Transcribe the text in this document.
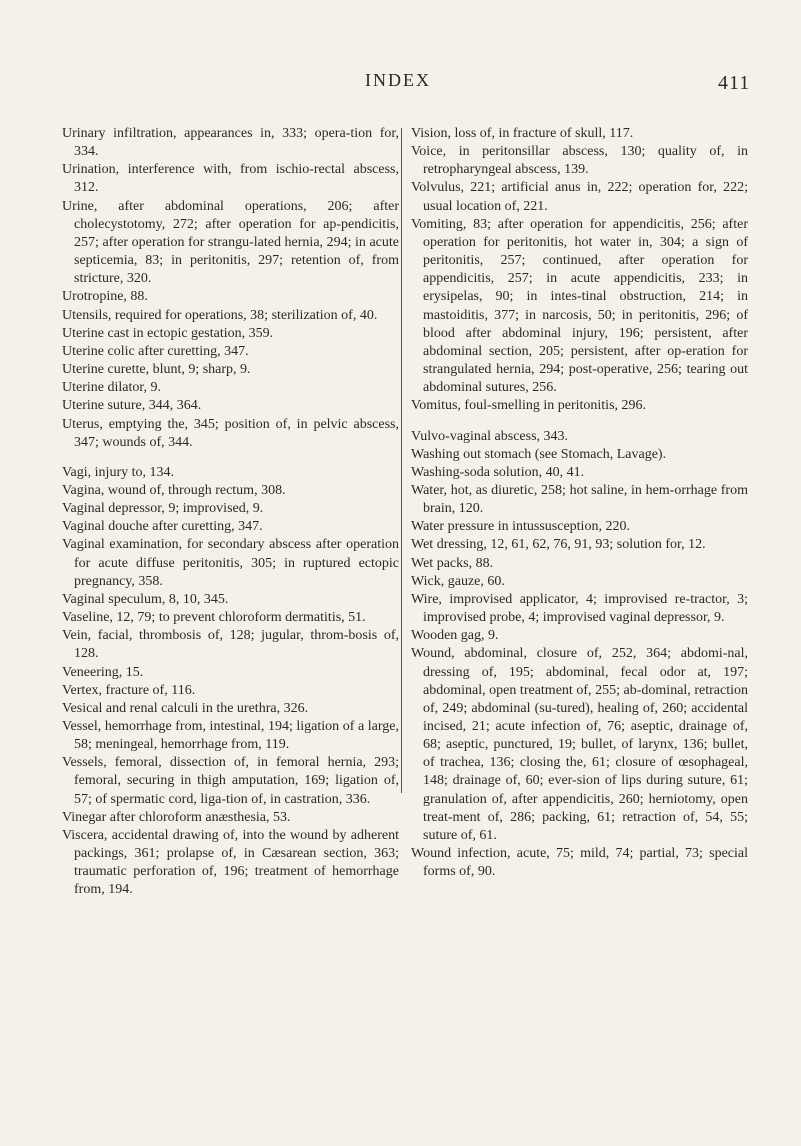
INDEX	411

Urinary infiltration, appearances in, 333; opera-tion for, 334.

Urination, interference with, from ischio-rectal abscess, 312.

Urine, after abdominal operations, 206; after cholecystotomy, 272; after operation for ap-pendicitis, 257; after operation for strangu-lated hernia, 294; in acute septicemia, 83; in peritonitis, 297; retention of, from stricture, 320.

Urotropine, 88.

Utensils, required for operations, 38; sterilization of, 40.

Uterine cast in ectopic gestation, 359.

Uterine colic after curetting, 347.

Uterine curette, blunt, 9; sharp, 9.

Uterine dilator, 9.

Uterine suture, 344, 364.

Uterus, emptying the, 345; position of, in pelvic abscess, 347; wounds of, 344.

Vagi, injury to, 134.

Vagina, wound of, through rectum, 308.

Vaginal depressor, 9; improvised, 9.

Vaginal douche after curetting, 347.

Vaginal examination, for secondary abscess after operation for acute diffuse peritonitis, 305; in ruptured ectopic pregnancy, 358.

Vaginal speculum, 8, 10, 345.

Vaseline, 12, 79; to prevent chloroform dermatitis, 51.

Vein, facial, thrombosis of, 128; jugular, throm-bosis of, 128.

Veneering, 15.

Vertex, fracture of, 116.

Vesical and renal calculi in the urethra, 326.

Vessel, hemorrhage from, intestinal, 194; ligation of a large, 58; meningeal, hemorrhage from, 119.

Vessels, femoral, dissection of, in femoral hernia, 293; femoral, securing in thigh amputation, 169; ligation of, 57; of spermatic cord, liga-tion of, in castration, 336.

Vinegar after chloroform anæsthesia, 53.

Viscera, accidental drawing of, into the wound by adherent packings, 361; prolapse of, in Cæsarean section, 363; traumatic perforation of, 196; treatment of hemorrhage from, 194.

Vision, loss of, in fracture of skull, 117.

Voice, in peritonsillar abscess, 130; quality of, in retropharyngeal abscess, 139.

Volvulus, 221; artificial anus in, 222; operation for, 222; usual location of, 221.

Vomiting, 83; after operation for appendicitis, 256; after operation for peritonitis, hot water in, 304; a sign of peritonitis, 257; continued, after operation for appendicitis, 257; in acute appendicitis, 233; in erysipelas, 90; in intes-tinal obstruction, 214; in mastoiditis, 377; in narcosis, 50; in peritonitis, 296; of blood after abdominal injury, 196; persistent, after abdominal section, 205; persistent, after op-eration for strangulated hernia, 294; post-operative, 256; tearing out abdominal sutures, 256.

Vomitus, foul-smelling in peritonitis, 296.

Vulvo-vaginal abscess, 343.

Washing out stomach (see Stomach, Lavage).

Washing-soda solution, 40, 41.

Water, hot, as diuretic, 258; hot saline, in hem-orrhage from brain, 120.

Water pressure in intussusception, 220.

Wet dressing, 12, 61, 62, 76, 91, 93; solution for, 12.

Wet packs, 88.

Wick, gauze, 60.

Wire, improvised applicator, 4; improvised re-tractor, 3; improvised probe, 4; improvised vaginal depressor, 9.

Wooden gag, 9.

Wound, abdominal, closure of, 252, 364; abdomi-nal, dressing of, 195; abdominal, fecal odor at, 197; abdominal, open treatment of, 255; ab-dominal, retraction of, 249; abdominal (su-tured), healing of, 260; accidental incised, 21; acute infection of, 76; aseptic, drainage of, 68; aseptic, punctured, 19; bullet, of larynx, 136; bullet, of trachea, 136; closing the, 61; closure of œsophageal, 148; drainage of, 60; ever-sion of lips during suture, 61; granulation of, after appendicitis, 260; herniotomy, open treat-ment of, 286; packing, 61; retraction of, 54, 55; suture of, 61.

Wound infection, acute, 75; mild, 74; partial, 73; special forms of, 90.
